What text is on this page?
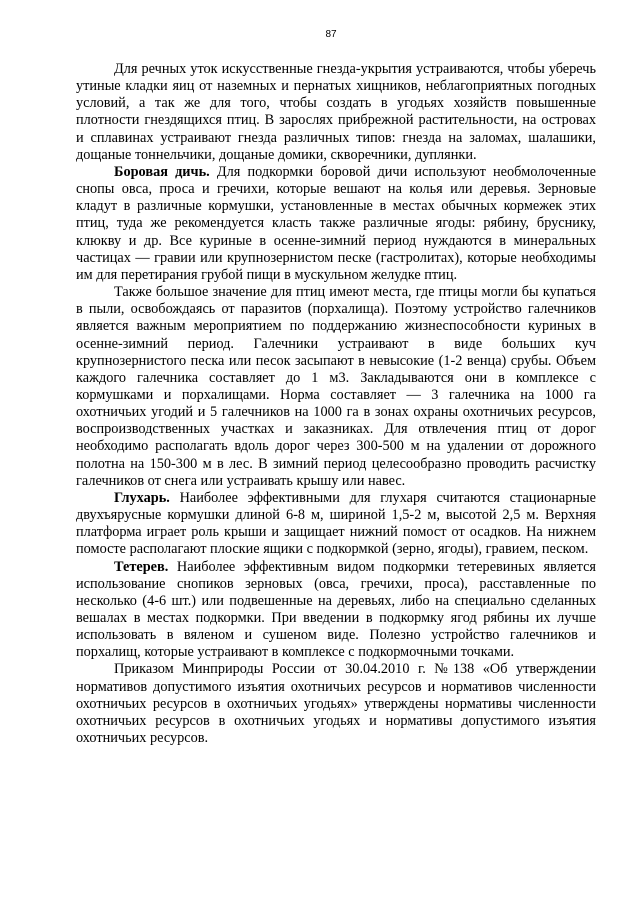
87

Для речных уток искусственные гнезда-укрытия устраиваются, чтобы уберечь утиные кладки яиц от наземных и пернатых хищников, неблагоприятных погодных условий, а так же для того, чтобы создать в угодьях хозяйств повышенные плотности гнездящихся птиц. В зарослях прибрежной растительности, на островах и сплавинах устраивают гнезда различных типов: гнезда на заломах, шалашики, дощаные тоннельчики, дощаные домики, скворечники, дуплянки.

Боровая дичь. Для подкормки боровой дичи используют необмолоченные снопы овса, проса и гречихи, которые вешают на колья или деревья. Зерновые кладут в различные кормушки, установленные в местах обычных кормежек этих птиц, туда же рекомендуется класть также различные ягоды: рябину, бруснику, клюкву и др. Все куриные в осенне-зимний период нуждаются в минеральных частицах — гравии или крупнозернистом песке (гастролитах), которые необходимы им для перетирания грубой пищи в мускульном желудке птиц.

Также большое значение для птиц имеют места, где птицы могли бы купаться в пыли, освобождаясь от паразитов (порхалища). Поэтому устройство галечников является важным мероприятием по поддержанию жизнеспособности куриных в осенне-зимний период. Галечники устраивают в виде больших куч крупнозернистого песка или песок засыпают в невысокие (1-2 венца) срубы. Объем каждого галечника составляет до 1 м3. Закладываются они в комплексе с кормушками и порхалищами. Норма составляет — 3 галечника на 1000 га охотничьих угодий и 5 галечников на 1000 га в зонах охраны охотничьих ресурсов, воспроизводственных участках и заказниках. Для отвлечения птиц от дорог необходимо располагать вдоль дорог через 300-500 м на удалении от дорожного полотна на 150-300 м в лес. В зимний период целесообразно проводить расчистку галечников от снега или устраивать крышу или навес.

Глухарь. Наиболее эффективными для глухаря считаются стационарные двухъярусные кормушки длиной 6-8 м, шириной 1,5-2 м, высотой 2,5 м. Верхняя платформа играет роль крыши и защищает нижний помост от осадков. На нижнем помосте располагают плоские ящики с подкормкой (зерно, ягоды), гравием, песком.

Тетерев. Наиболее эффективным видом подкормки тетеревиных является использование снопиков зерновых (овса, гречихи, проса), расставленные по несколько (4-6 шт.) или подвешенные на деревьях, либо на специально сделанных вешалах в местах подкормки. При введении в подкормку ягод рябины их лучше использовать в вяленом и сушеном виде. Полезно устройство галечников и порхалищ, которые устраивают в комплексе с подкормочными точками.

Приказом Минприроды России от 30.04.2010 г. №138 «Об утверждении нормативов допустимого изъятия охотничьих ресурсов и нормативов численности охотничьих ресурсов в охотничьих угодьях» утверждены нормативы численности охотничьих ресурсов в охотничьих угодьях и нормативы допустимого изъятия охотничьих ресурсов.
